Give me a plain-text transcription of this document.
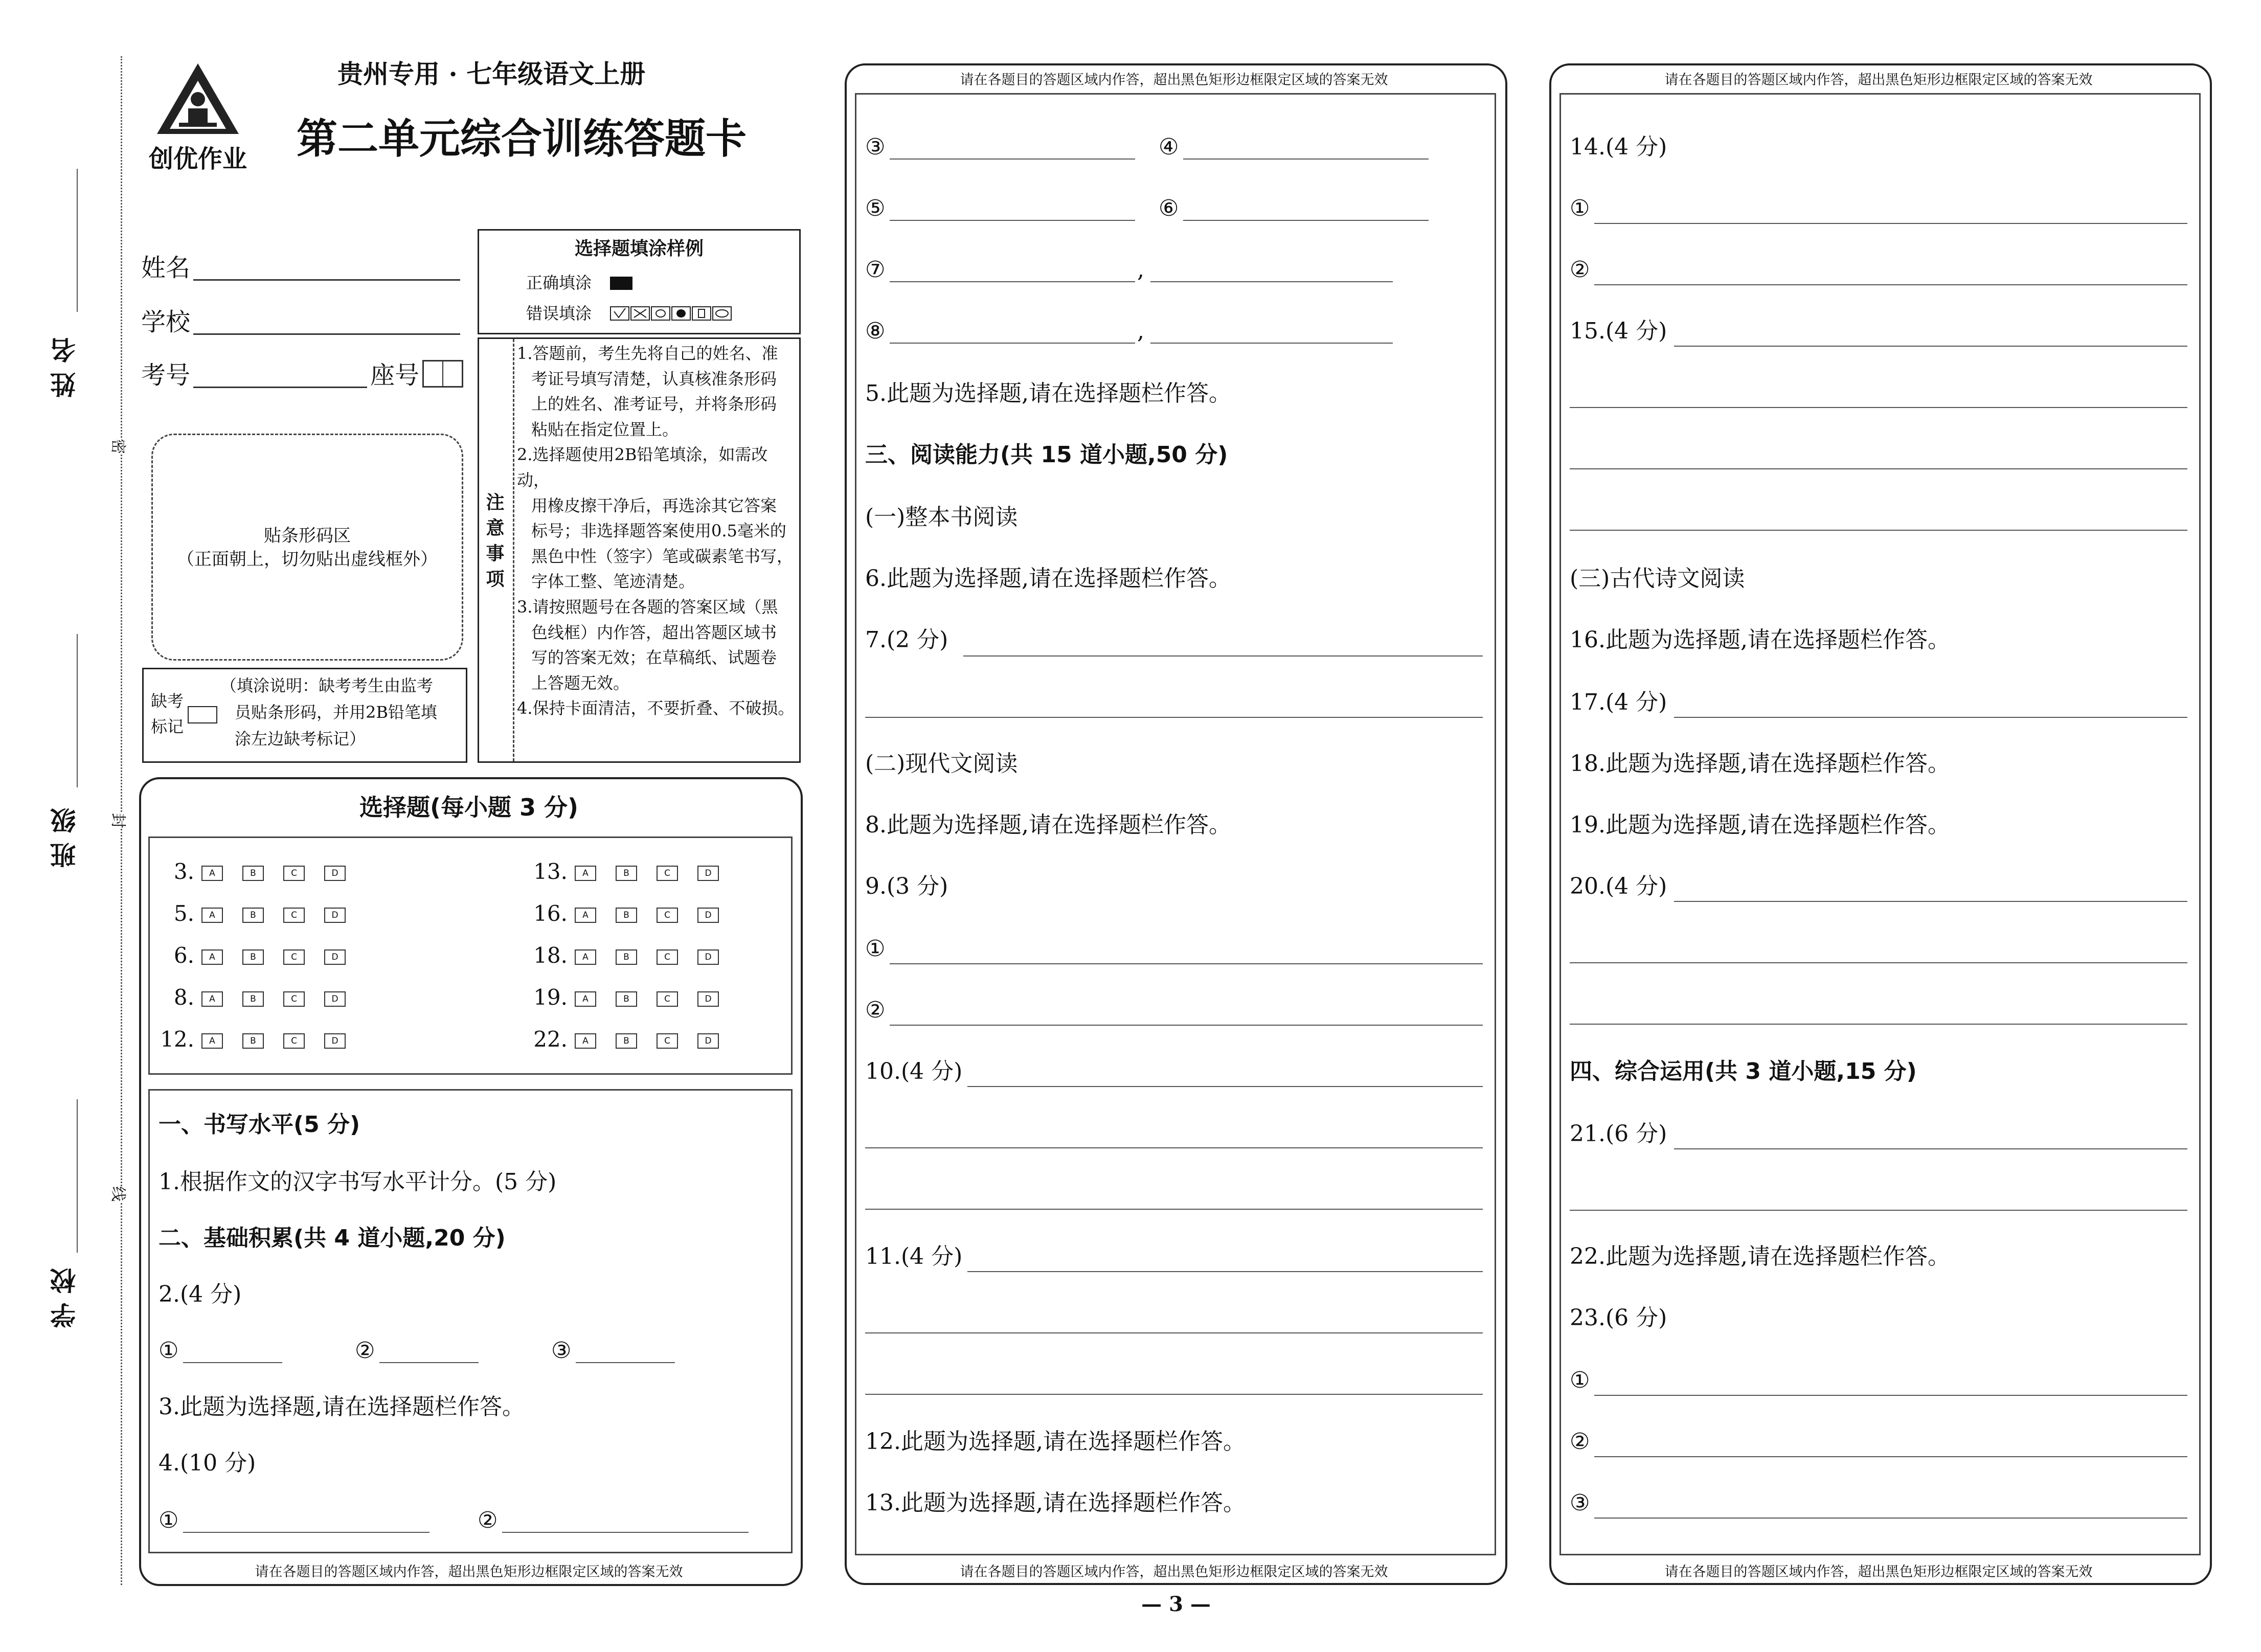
姓 名
班 级
学 校
密
封
线
创优作业
贵州专用 · 七年级语文上册
第二单元综合训练答题卡
姓名
学校
考号	座号
选择题填涂样例
正确填涂
错误填涂
贴条形码区
（正面朝上，切勿贴出虚线框外）
缺考
标记
（填涂说明：缺考考生由监考
员贴条形码，并用2B铅笔填
涂左边缺考标记）
注意事项
1.答题前，考生先将自己的姓名、准
考证号填写清楚，认真核准条形码
上的姓名、准考证号，并将条形码
粘贴在指定位置上。
2.选择题使用2B铅笔填涂，如需改动，
用橡皮擦干净后，再选涂其它答案
标号；非选择题答案使用0.5毫米的
黑色中性（签字）笔或碳素笔书写，
字体工整、笔迹清楚。
3.请按照题号在各题的答案区域（黑
色线框）内作答，超出答题区域书
写的答案无效；在草稿纸、试题卷
上答题无效。
4.保持卡面清洁，不要折叠、不破损。
选择题(每小题 3 分)
3. A	B	C	D
5. A	B	C	D
6. A	B	C	D
8. A	B	C	D
12. A	B	C	D
13. A	B	C	D
16. A	B	C	D
18. A	B	C	D
19. A	B	C	D
22. A	B	C	D
一、书写水平(5 分)
1.根据作文的汉字书写水平计分。(5 分)
二、基础积累(共 4 道小题,20 分)
2.(4 分)
①	②	③
3.此题为选择题,请在选择题栏作答。
4.(10 分)
①	②
请在各题目的答题区域内作答，超出黑色矩形边框限定区域的答案无效
请在各题目的答题区域内作答，超出黑色矩形边框限定区域的答案无效
请在各题目的答题区域内作答，超出黑色矩形边框限定区域的答案无效
③	④
⑤	⑥
⑦	,
⑧	,
5.此题为选择题,请在选择题栏作答。
三、阅读能力(共 15 道小题,50 分)
(一)整本书阅读
6.此题为选择题,请在选择题栏作答。
7.(2 分)
(二)现代文阅读
8.此题为选择题,请在选择题栏作答。
9.(3 分)
①
②
10.(4 分)
11.(4 分)
12.此题为选择题,请在选择题栏作答。
13.此题为选择题,请在选择题栏作答。
请在各题目的答题区域内作答，超出黑色矩形边框限定区域的答案无效
请在各题目的答题区域内作答，超出黑色矩形边框限定区域的答案无效
14.(4 分)
①
②
15.(4 分)
(三)古代诗文阅读
16.此题为选择题,请在选择题栏作答。
17.(4 分)
18.此题为选择题,请在选择题栏作答。
19.此题为选择题,请在选择题栏作答。
20.(4 分)
四、综合运用(共 3 道小题,15 分)
21.(6 分)
22.此题为选择题,请在选择题栏作答。
23.(6 分)
①
②
③
— 3 —
